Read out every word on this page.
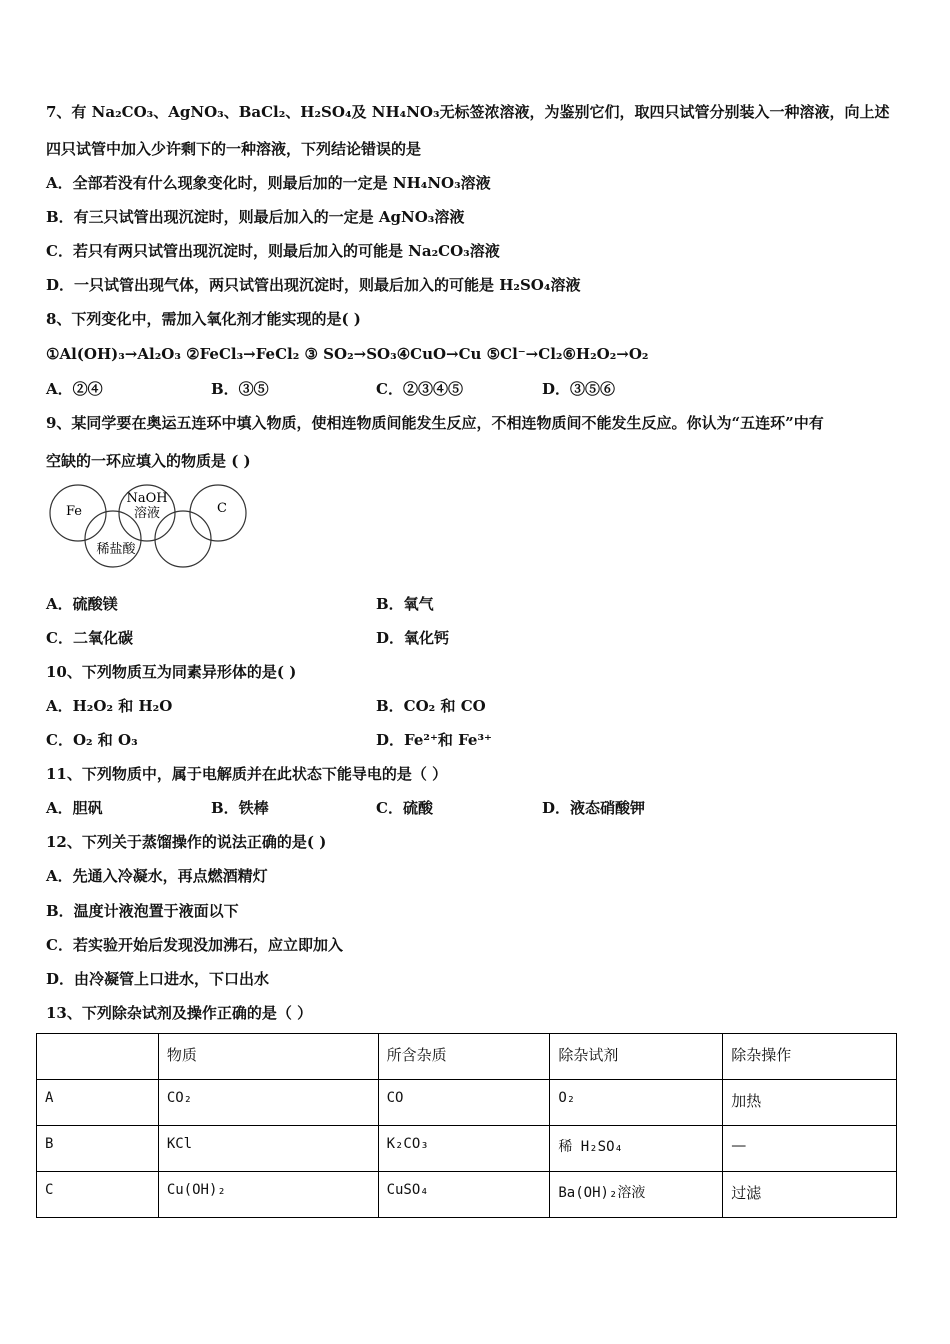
7、有 Na₂CO₃、AgNO₃、BaCl₂、H₂SO₄及 NH₄NO₃无标签浓溶液，为鉴别它们，取四只试管分别装入一种溶液，向上述
四只试管中加入少许剩下的一种溶液，下列结论错误的是
A．全部若没有什么现象变化时，则最后加的一定是 NH₄NO₃溶液
B．有三只试管出现沉淀时，则最后加入的一定是 AgNO₃溶液
C．若只有两只试管出现沉淀时，则最后加入的可能是 Na₂CO₃溶液
D．一只试管出现气体，两只试管出现沉淀时，则最后加入的可能是 H₂SO₄溶液
8、下列变化中，需加入氧化剂才能实现的是( )
①Al(OH)₃→Al₂O₃ ②FeCl₃→FeCl₂ ③ SO₂→SO₃④CuO→Cu ⑤Cl⁻→Cl₂⑥H₂O₂→O₂
A．②④	B．③⑤	C．②③④⑤	D．③⑤⑥
9、某同学要在奥运五连环中填入物质，使相连物质间能发生反应，不相连物质间不能发生反应。你认为“五连环”中有
空缺的一环应填入的物质是 ( )
Fe
NaOH
溶液	C
稀盐酸
A．硫酸镁	B．氧气
C．二氧化碳	D．氧化钙
10、下列物质互为同素异形体的是( )
A．H₂O₂ 和 H₂O	B．CO₂ 和 CO
C．O₂ 和 O₃	D．Fe²⁺和 Fe³⁺
11、下列物质中，属于电解质并在此状态下能导电的是（ ）
A．胆矾	B．铁棒	C．硫酸	D．液态硝酸钾
12、下列关于蒸馏操作的说法正确的是( )
A．先通入冷凝水，再点燃酒精灯
B．温度计液泡置于液面以下
C．若实验开始后发现没加沸石，应立即加入
D．由冷凝管上口进水，下口出水
13、下列除杂试剂及操作正确的是（ ）
	物质	所含杂质	除杂试剂	除杂操作
A	CO₂	CO	O₂	加热
B	KCl	K₂CO₃	稀 H₂SO₄	—
C	Cu(OH)₂	CuSO₄	Ba(OH)₂溶液	过滤
